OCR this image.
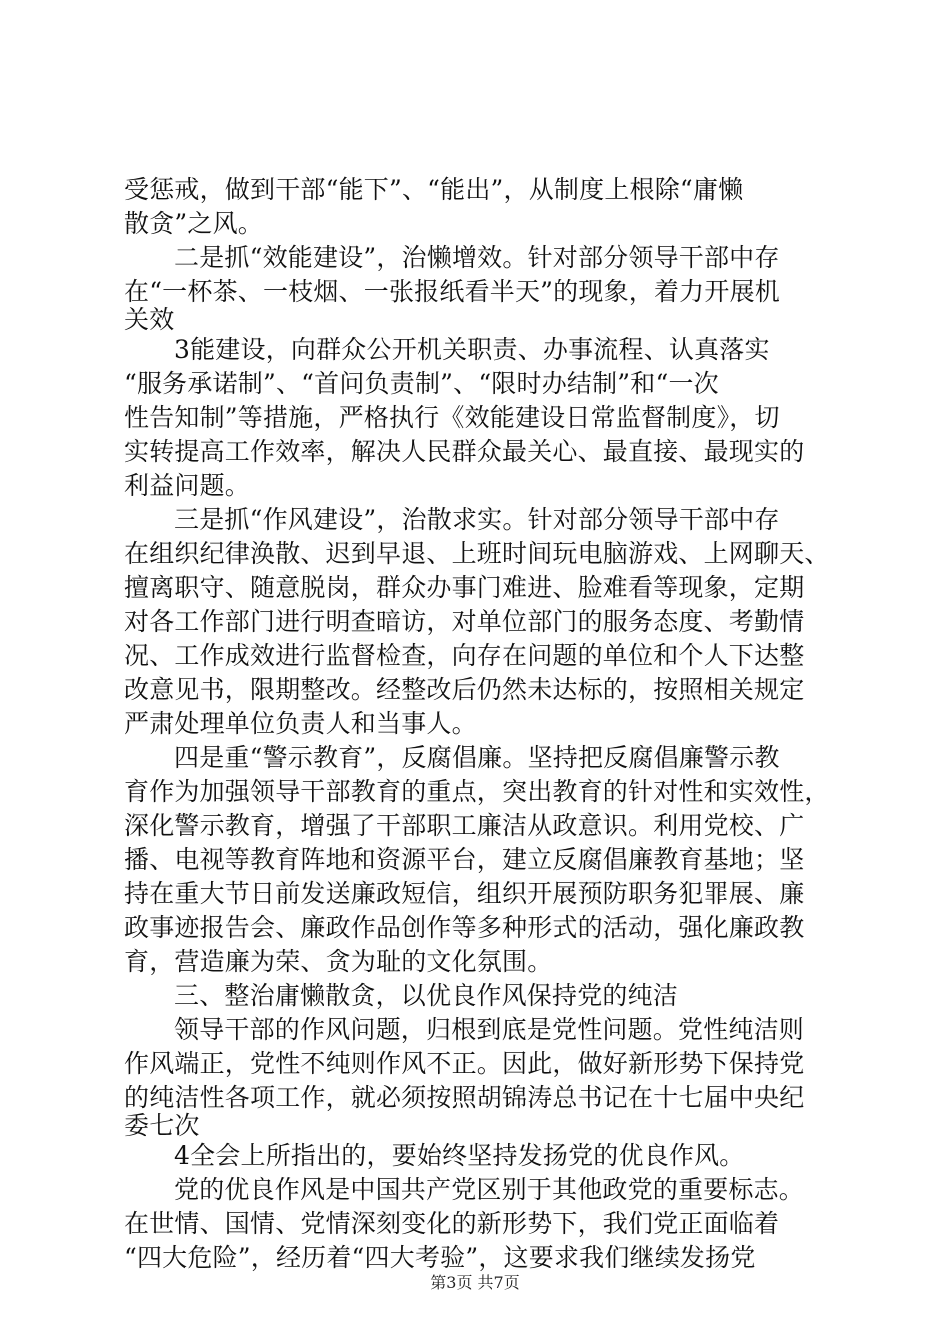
受惩戒，做到干部“能下”、“能出”，从制度上根除“庸懒
散贪”之风。
二是抓“效能建设”，治懒增效。针对部分领导干部中存
在“一杯茶、一枝烟、一张报纸看半天”的现象，着力开展机
关效
3能建设，向群众公开机关职责、办事流程、认真落实
“服务承诺制”、“首问负责制”、“限时办结制”和“一次
性告知制”等措施，严格执行《效能建设日常监督制度》，切
实转提高工作效率，解决人民群众最关心、最直接、最现实的
利益问题。
三是抓“作风建设”，治散求实。针对部分领导干部中存
在组织纪律涣散、迟到早退、上班时间玩电脑游戏、上网聊天、
擅离职守、随意脱岗，群众办事门难进、脸难看等现象，定期
对各工作部门进行明查暗访，对单位部门的服务态度、考勤情
况、工作成效进行监督检查，向存在问题的单位和个人下达整
改意见书，限期整改。经整改后仍然未达标的，按照相关规定
严肃处理单位负责人和当事人。
四是重“警示教育”，反腐倡廉。坚持把反腐倡廉警示教
育作为加强领导干部教育的重点，突出教育的针对性和实效性，
深化警示教育，增强了干部职工廉洁从政意识。利用党校、广
播、电视等教育阵地和资源平台，建立反腐倡廉教育基地；坚
持在重大节日前发送廉政短信，组织开展预防职务犯罪展、廉
政事迹报告会、廉政作品创作等多种形式的活动，强化廉政教
育，营造廉为荣、贪为耻的文化氛围。
三、整治庸懒散贪，以优良作风保持党的纯洁
领导干部的作风问题，归根到底是党性问题。党性纯洁则
作风端正，党性不纯则作风不正。因此，做好新形势下保持党
的纯洁性各项工作，就必须按照胡锦涛总书记在十七届中央纪
委七次
4全会上所指出的，要始终坚持发扬党的优良作风。
党的优良作风是中国共产党区别于其他政党的重要标志。
在世情、国情、党情深刻变化的新形势下，我们党正面临着
“四大危险”，经历着“四大考验”，这要求我们继续发扬党
第3页 共7页
